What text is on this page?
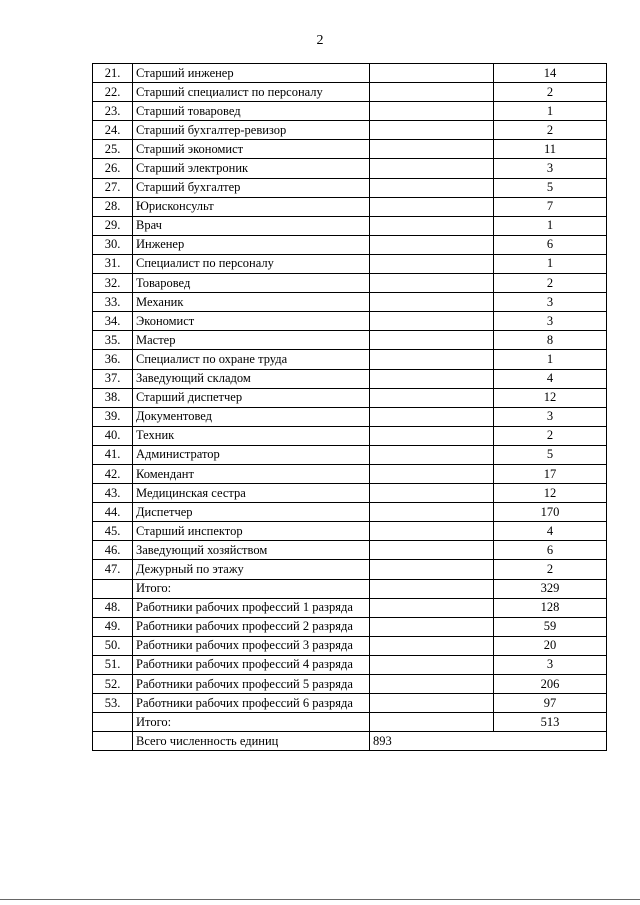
2
21.	Старший инженер		14
22.	Старший специалист по персоналу		2
23.	Старший товаровед		1
24.	Старший бухгалтер-ревизор		2
25.	Старший экономист		11
26.	Старший электроник		3
27.	Старший бухгалтер		5
28.	Юрисконсульт		7
29.	Врач		1
30.	Инженер		6
31.	Специалист по персоналу		1
32.	Товаровед		2
33.	Механик		3
34.	Экономист		3
35.	Мастер		8
36.	Специалист по охране труда		1
37.	Заведующий складом		4
38.	Старший диспетчер		12
39.	Документовед		3
40.	Техник		2
41.	Администратор		5
42.	Комендант		17
43.	Медицинская сестра		12
44.	Диспетчер		170
45.	Старший инспектор		4
46.	Заведующий хозяйством		6
47.	Дежурный по этажу		2
	Итого:		329
48.	Работники рабочих профессий 1 разряда		128
49.	Работники рабочих профессий 2 разряда		59
50.	Работники рабочих профессий 3 разряда		20
51.	Работники рабочих профессий 4 разряда		3
52.	Работники рабочих профессий 5 разряда		206
53.	Работники рабочих профессий 6 разряда		97
	Итого:		513
	Всего численность единиц	893	
